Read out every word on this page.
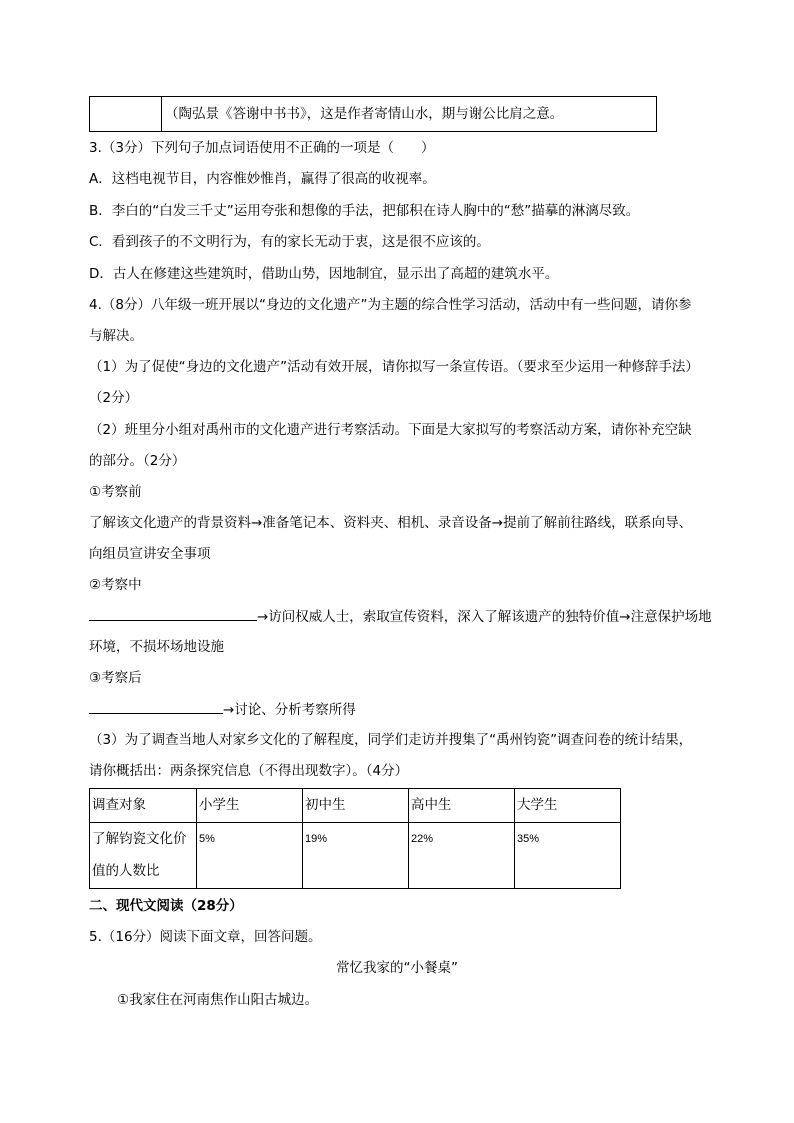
	（陶弘景《答谢中书书》，这是作者寄情山水，期与谢公比肩之意。
3.（3分）下列句子加点词语使用不正确的一项是（　　）
A．这档电视节目，内容惟妙惟肖，赢得了很高的收视率。
B．李白的“白发三千丈”运用夸张和想像的手法，把郁积在诗人胸中的“愁”描摹的淋漓尽致。
C．看到孩子的不文明行为，有的家长无动于衷，这是很不应该的。
D．古人在修建这些建筑时，借助山势，因地制宜，显示出了高超的建筑水平。
4.（8分）八年级一班开展以“身边的文化遗产”为主题的综合性学习活动，活动中有一些问题，请你参
与解决。
（1）为了促使“身边的文化遗产”活动有效开展，请你拟写一条宣传语。（要求至少运用一种修辞手法）
（2分）
（2）班里分小组对禹州市的文化遗产进行考察活动。下面是大家拟写的考察活动方案，请你补充空缺
的部分。（2分）
①考察前
了解该文化遗产的背景资料→准备笔记本、资料夹、相机、录音设备→提前了解前往路线，联系向导、
向组员宣讲安全事项
②考察中
→访问权威人士，索取宣传资料，深入了解该遗产的独特价值→注意保护场地
环境，不损坏场地设施
③考察后
→讨论、分析考察所得
（3）为了调查当地人对家乡文化的了解程度，同学们走访并搜集了“禹州钧瓷”调查问卷的统计结果，
请你概括出：两条探究信息（不得出现数字）。（4分）
调查对象	小学生	初中生	高中生	大学生

了解钧瓷文化价
值的人数比	5%	19%	22%	35%
二、现代文阅读（28分）
5.（16分）阅读下面文章，回答问题。
常忆我家的“小餐桌”
①我家住在河南焦作山阳古城边。
